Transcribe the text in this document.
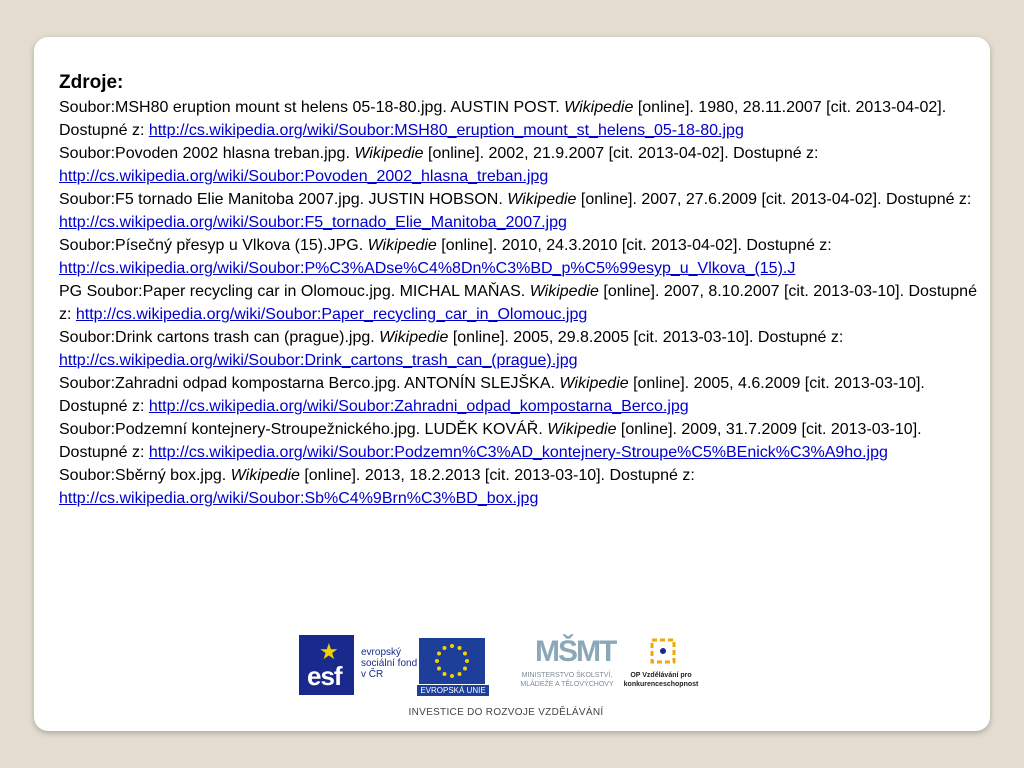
Zdroje:

Soubor:MSH80 eruption mount st helens 05-18-80.jpg. AUSTIN POST. Wikipedie [online]. 1980, 28.11.2007 [cit. 2013-04-02]. Dostupné z: http://cs.wikipedia.org/wiki/Soubor:MSH80_eruption_mount_st_helens_05-18-80.jpg

Soubor:Povoden 2002 hlasna treban.jpg. Wikipedie [online]. 2002, 21.9.2007 [cit. 2013-04-02]. Dostupné z: http://cs.wikipedia.org/wiki/Soubor:Povoden_2002_hlasna_treban.jpg

Soubor:F5 tornado Elie Manitoba 2007.jpg. JUSTIN HOBSON. Wikipedie [online]. 2007, 27.6.2009 [cit. 2013-04-02]. Dostupné z: http://cs.wikipedia.org/wiki/Soubor:F5_tornado_Elie_Manitoba_2007.jpg

Soubor:Písečný přesyp u Vlkova (15).JPG. Wikipedie [online]. 2010, 24.3.2010 [cit. 2013-04-02]. Dostupné z: http://cs.wikipedia.org/wiki/Soubor:P%C3%ADse%C4%8Dn%C3%BD_p%C5%99esyp_u_Vlkova_(15).J

PG Soubor:Paper recycling car in Olomouc.jpg. MICHAL MAŇAS. Wikipedie [online]. 2007, 8.10.2007 [cit. 2013-03-10]. Dostupné z: http://cs.wikipedia.org/wiki/Soubor:Paper_recycling_car_in_Olomouc.jpg

Soubor:Drink cartons trash can (prague).jpg. Wikipedie [online]. 2005, 29.8.2005 [cit. 2013-03-10]. Dostupné z: http://cs.wikipedia.org/wiki/Soubor:Drink_cartons_trash_can_(prague).jpg

Soubor:Zahradni odpad kompostarna Berco.jpg. ANTONÍN SLEJŠKA. Wikipedie [online]. 2005, 4.6.2009 [cit. 2013-03-10]. Dostupné z: http://cs.wikipedia.org/wiki/Soubor:Zahradni_odpad_kompostarna_Berco.jpg

Soubor:Podzemní kontejnery-Stroupežnického.jpg. LUDĚK KOVÁŘ. Wikipedie [online]. 2009, 31.7.2009 [cit. 2013-03-10]. Dostupné z: http://cs.wikipedia.org/wiki/Soubor:Podzemn%C3%AD_kontejnery-Stroupe%C5%BEnick%C3%A9ho.jpg

Soubor:Sběrný box.jpg. Wikipedie [online]. 2013, 18.2.2013 [cit. 2013-03-10]. Dostupné z: http://cs.wikipedia.org/wiki/Soubor:Sb%C4%9Brn%C3%BD_box.jpg

★
esf
evropský sociální fond v ČR
EVROPSKÁ UNIE
MŠMT
MINISTERSTVO ŠKOLSTVÍ, MLÁDEŽE A TĚLOVÝCHOVY
OP Vzdělávání pro konkurenceschopnost
INVESTICE DO ROZVOJE VZDĚLÁVÁNÍ
